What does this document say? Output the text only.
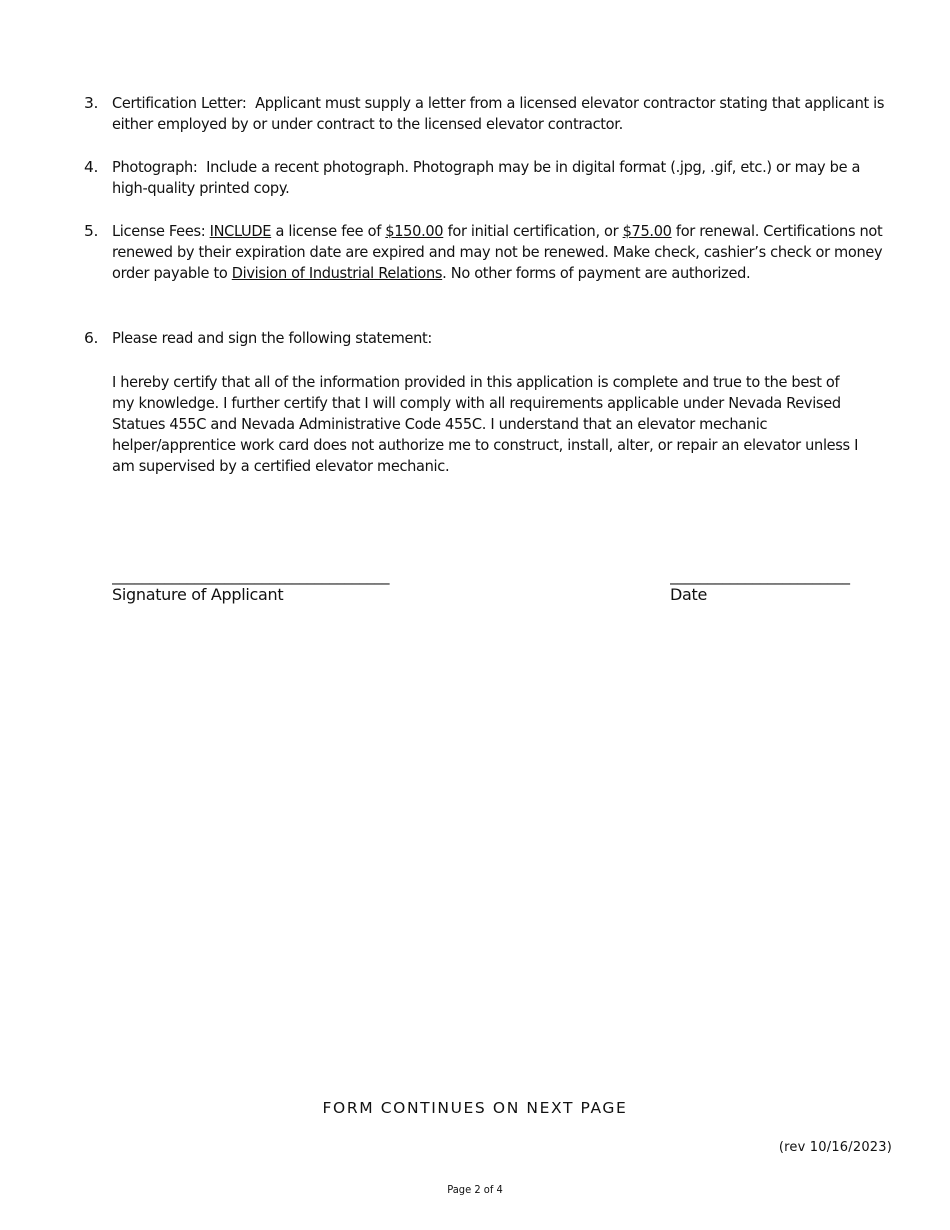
3. Certification Letter: Applicant must supply a letter from a licensed elevator contractor stating that applicant is either employed by or under contract to the licensed elevator contractor.
4. Photograph: Include a recent photograph. Photograph may be in digital format (.jpg, .gif, etc.) or may be a high-quality printed copy.
5. License Fees: INCLUDE a license fee of $150.00 for initial certification, or $75.00 for renewal. Certifications not renewed by their expiration date are expired and may not be renewed. Make check, cashier’s check or money order payable to Division of Industrial Relations. No other forms of payment are authorized.
6. Please read and sign the following statement:
I hereby certify that all of the information provided in this application is complete and true to the best of my knowledge. I further certify that I will comply with all requirements applicable under Nevada Revised Statues 455C and Nevada Administrative Code 455C. I understand that an elevator mechanic helper/apprentice work card does not authorize me to construct, install, alter, or repair an elevator unless I am supervised by a certified elevator mechanic.
_____________________________________
Signature of Applicant
________________________
Date
FORM CONTINUES ON NEXT PAGE
(rev 10/16/2023)
Page 2 of 4
